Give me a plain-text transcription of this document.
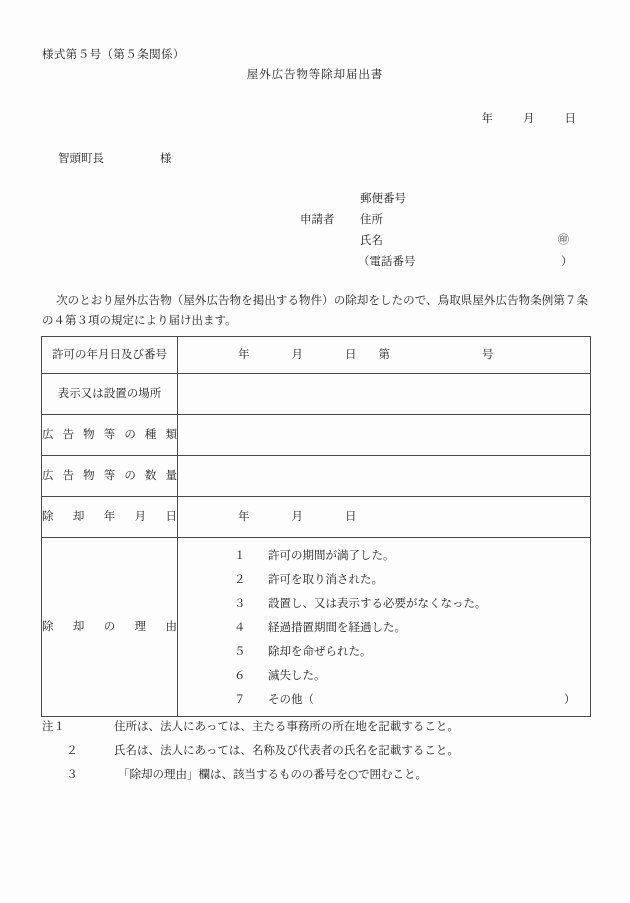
様式第５号（第５条関係）
屋外広告物等除却届出書
年	月	日
智頭町長	様
郵便番号
申請者 住所
氏名	㊞
（電話番号	）
次のとおり屋外広告物（屋外広告物を掲出する物件）の除却をしたので、鳥取県屋外広告物条例第７条の４第３項の規定により届け出ます。
許可の年月日及び番号	年 月 日 第 号

表示又は設置の場所	

広告物等の種類	

広告物等の数量	

除却年月日	年 月 日

除却の理由

１ 許可の期間が満了した。
２ 許可を取り消された。
３ 設置し、又は表示する必要がなくなった。
４ 経過措置期間を経過した。
５ 除却を命ぜられた。
６ 滅失した。
７ その他（	）
注１	住所は、法人にあっては、主たる事務所の所在地を記載すること。
２	氏名は、法人にあっては、名称及び代表者の氏名を記載すること。
３	「除却の理由」欄は、該当するものの番号を○で囲むこと。
